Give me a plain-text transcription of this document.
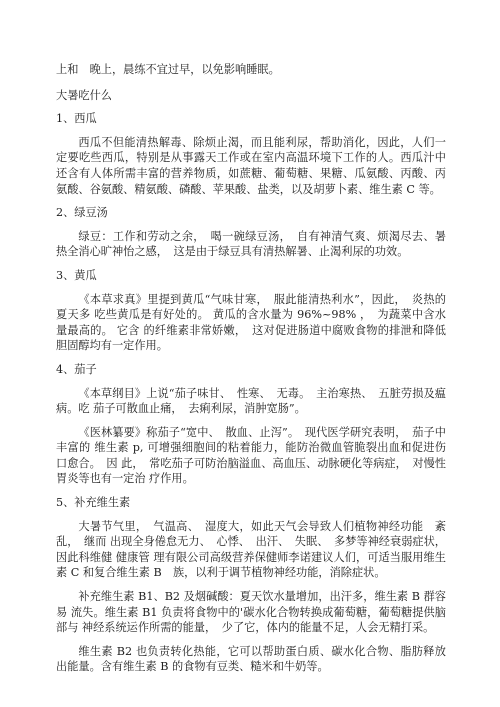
上和　晚上，晨练不宜过早，以免影响睡眠。

大暑吃什么

1、西瓜

西瓜不但能清热解毒、除烦止渴，而且能利尿，帮助消化，因此，人们一定要吃些西瓜，特别是从事露天工作或在室内高温环境下工作的人。西瓜汁中还含有人体所需丰富的营养物质，如蔗糖、葡萄糖、果糖、瓜氨酸、丙酸、丙氨酸、谷氨酸、精氨酸、磷酸、苹果酸、盐类，以及胡萝卜素、维生素 C 等。

2、绿豆汤

绿豆：工作和劳动之余，　喝一碗绿豆汤，　自有神清气爽、烦渴尽去、暑热全消心旷神怡之感，　这是由于绿豆具有清热解暑、止渴利尿的功效。

3、黄瓜

《本草求真》里提到黄瓜“气味甘寒，　服此能清热利水”，因此，　炎热的夏天多 吃些黄瓜是有好处的。 黄瓜的含水量为 96%~98% ，　为蔬菜中含水量最高的。 它含 的纤维素非常娇嫩，　这对促进肠道中腐败食物的排泄和降低胆固醇均有一定作用。

4、茄子

《本草纲目》上说“茄子味甘、　性寒、　无毒。　主治寒热、　五脏劳损及瘟病。吃 茄子可散血止痛，　去痢利尿，消肿宽肠”。

《医林纂要》称茄子“宽中、　散血、止泻”。　现代医学研究表明，　茄子中丰富的 维生素 p, 可增强细胞间的粘着能力，能防治微血管脆裂出血和促进伤口愈合。　因 此，　常吃茄子可防治脑溢血、高血压、动脉硬化等病症，　对慢性胃炎等也有一定治 疗作用。

5、补充维生素

大暑节气里，　气温高、　湿度大，如此天气会导致人们植物神经功能　紊乱，　继而 出现全身倦怠无力、　心悸、　出汗、　失眠、　多梦等神经衰弱症状，因此科维健 健康管 理有限公司高级营养保健师李诺建议人们，可适当服用维生素 C 和复合维生素 B　族，以利于调节植物神经功能，消除症状。

补充维生素 B1、B2 及烟碱酸：夏天饮水量增加，出汗多，维生素 B 群容易 流失。维生素 B1 负责将食物中的'碳水化合物转换成葡萄糖，葡萄糖提供脑部与 神经系统运作所需的能量，　少了它，体内的能量不足，人会无精打采。

维生素 B2 也负责转化热能，它可以帮助蛋白质、碳水化合物、脂肪释放出能量。含有维生素 B 的食物有豆类、糙米和牛奶等。
